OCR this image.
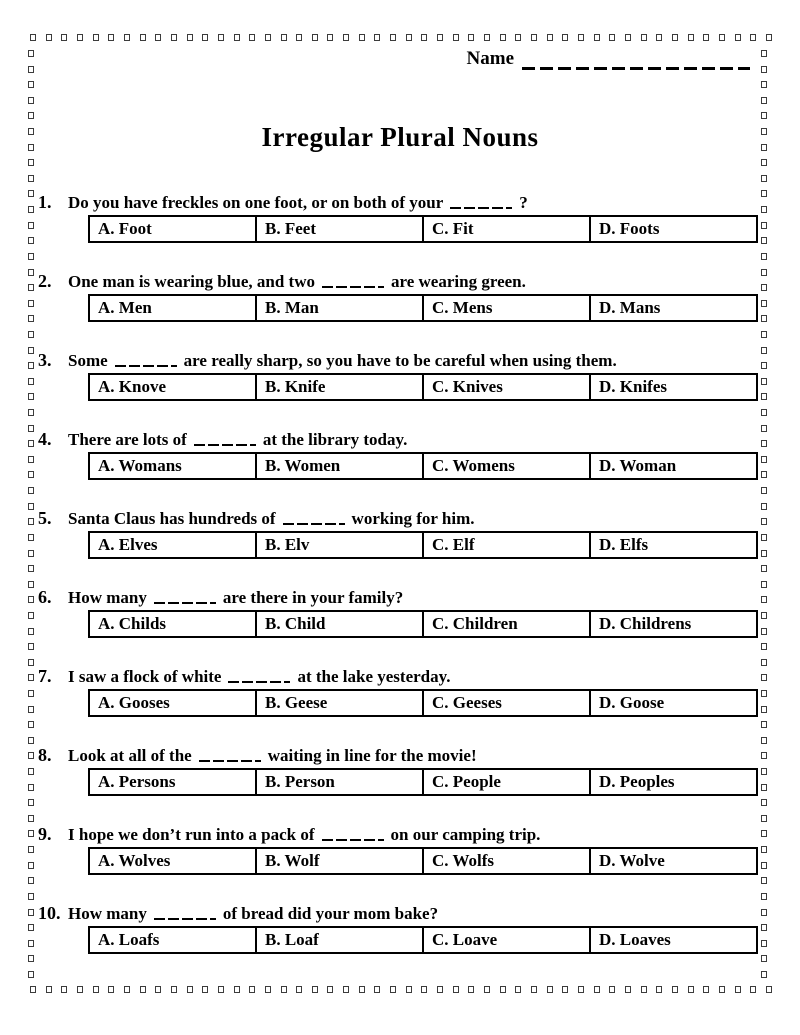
Name
Irregular Plural Nouns
1. Do you have freckles on one foot, or on both of your	?
A. Foot	B. Feet	C. Fit	D. Foots
2. One man is wearing blue, and two	are wearing green.
A. Men	B. Man	C. Mens	D. Mans
3. Some	are really sharp, so you have to be careful when using them.
A. Knove	B. Knife	C. Knives	D. Knifes
4. There are lots of	at the library today.
A. Womans	B. Women	C. Womens	D. Woman
5. Santa Claus has hundreds of	working for him.
A. Elves	B. Elv	C. Elf	D. Elfs
6. How many	are there in your family?
A. Childs	B. Child	C. Children	D. Childrens
7. I saw a flock of white	at the lake yesterday.
A. Gooses	B. Geese	C. Geeses	D. Goose
8. Look at all of the	waiting in line for the movie!
A. Persons	B. Person	C. People	D. Peoples
9. I hope we don’t run into a pack of	on our camping trip.
A. Wolves	B. Wolf	C. Wolfs	D. Wolve
10. How many	of bread did your mom bake?
A. Loafs	B. Loaf	C. Loave	D. Loaves
